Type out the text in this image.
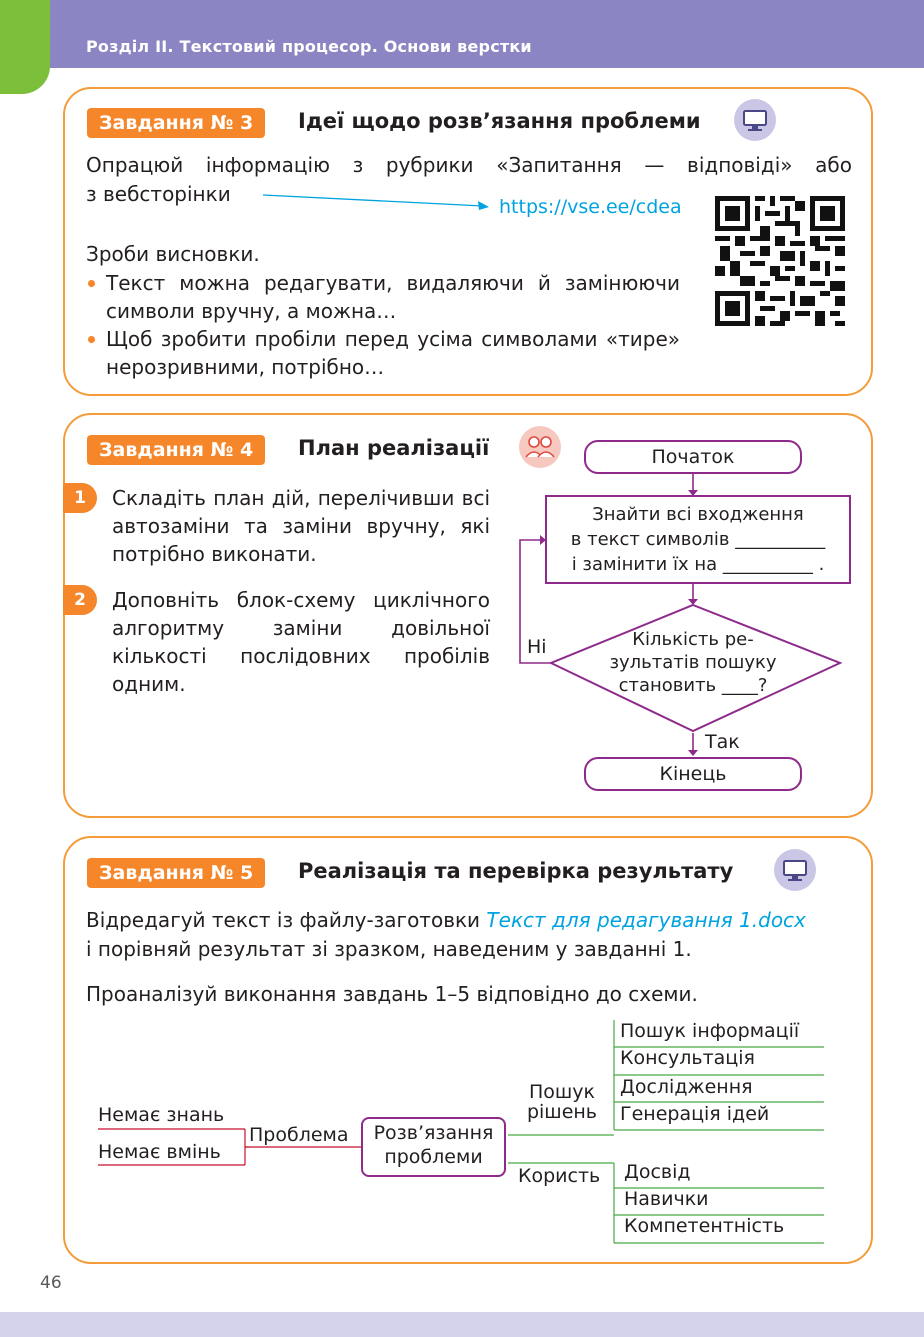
Розділ ІІ. Текстовий процесор. Основи верстки
Завдання № 3	Ідеї щодо розв’язання проблеми
Опрацюй інформацію з рубрики «Запитання — відповіді» або
з вебсторінки
https://vse.ee/cdea
Зроби висновки.
Текст можна редагувати, видаляючи й замінюючи символи вручну, а можна…
Щоб зробити пробіли перед усіма символами «тире» нерозривними, потрібно…
Завдання № 4	План реалізації
1	Складіть план дій, перелічивши всі автозаміни та заміни вручну, які потрібно виконати.
2	Доповніть блок-схему циклічного алгоритму заміни довільної кількості послідовних пробілів одним.
Початок
Знайти всі входження
в текст символів __________
і замінити їх на __________ .
Кількість ре-
зультатів пошуку
становить ____?
Ні
Так
Кінець
Завдання № 5	Реалізація та перевірка результату
Відредагуй текст із файлу-заготовки Текст для редагування 1.docx
і порівняй результат зі зразком, наведеним у завданні 1.
Проаналізуй виконання завдань 1–5 відповідно до схеми.
Немає знань
Немає вмінь
Проблема	Розв’язання
проблеми
Пошук
рішень
Користь
Пошук інформації
Консультація
Дослідження
Генерація ідей
Досвід
Навички
Компетентність
46
